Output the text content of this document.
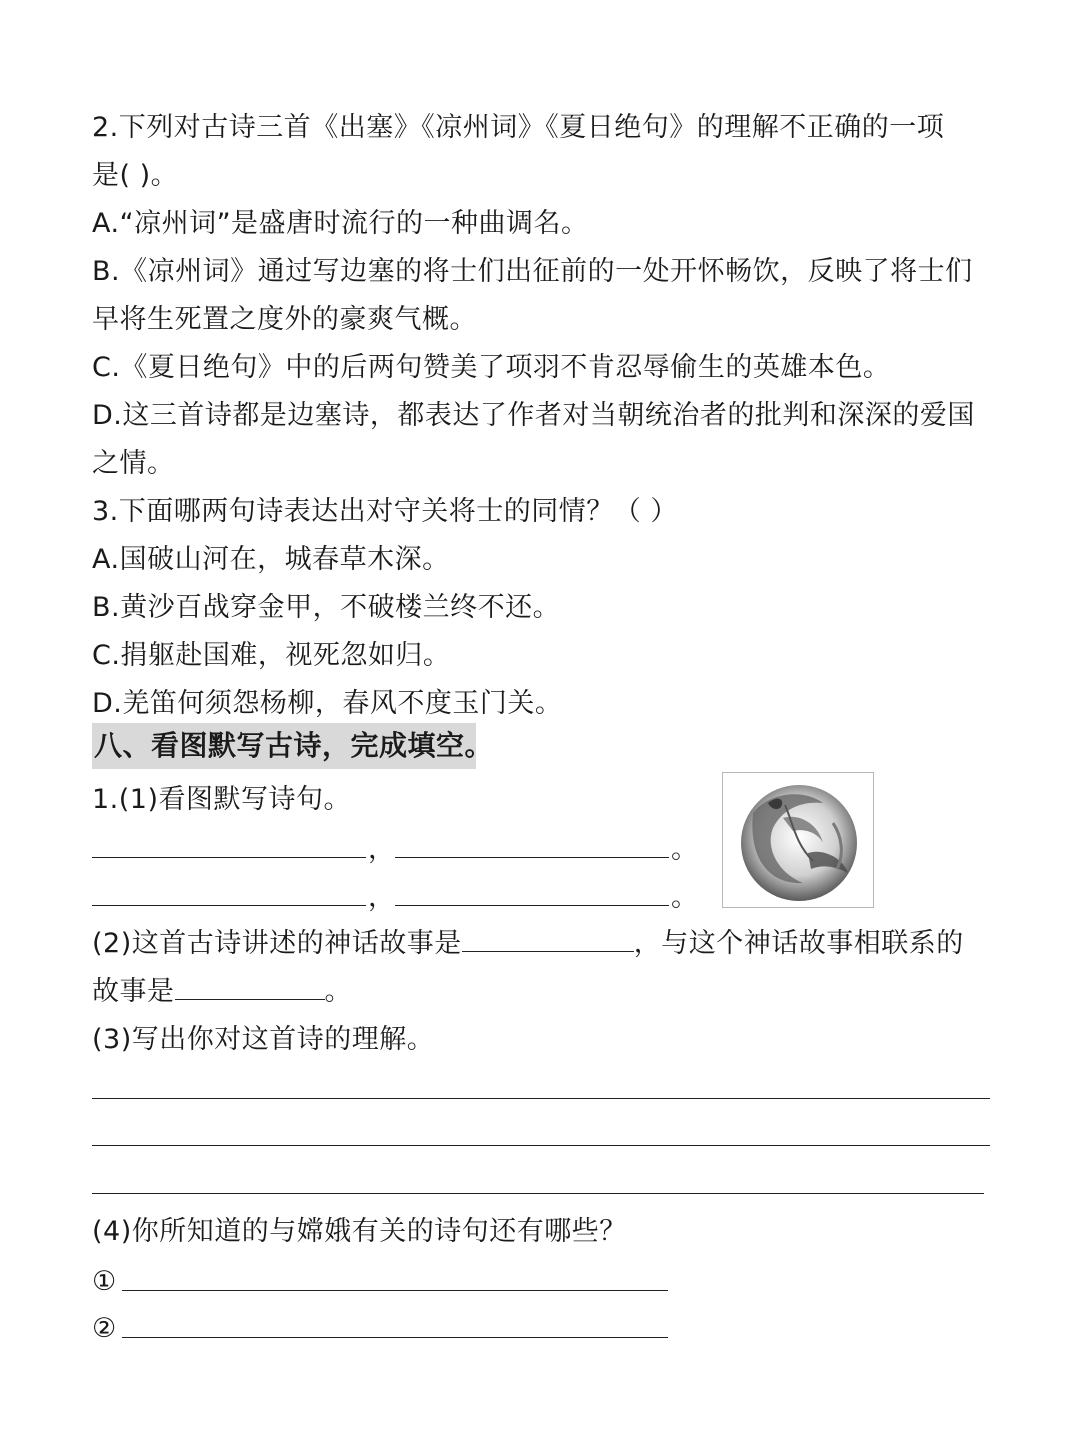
2.下列对古诗三首《出塞》《凉州词》《夏日绝句》的理解不正确的一项
是( )。
A.“凉州词”是盛唐时流行的一种曲调名。
B.《凉州词》通过写边塞的将士们出征前的一处开怀畅饮，反映了将士们
早将生死置之度外的豪爽气概。
C.《夏日绝句》中的后两句赞美了项羽不肯忍辱偷生的英雄本色。
D.这三首诗都是边塞诗，都表达了作者对当朝统治者的批判和深深的爱国
之情。
3.下面哪两句诗表达出对守关将士的同情？（ ）
A.国破山河在，城春草木深。
B.黄沙百战穿金甲，不破楼兰终不还。
C.捐躯赴国难，视死忽如归。
D.羌笛何须怨杨柳，春风不度玉门关。
八、看图默写古诗，完成填空。
1.(1)看图默写诗句。
，	。
，	。
(2)这首古诗讲述的神话故事是	，与这个神话故事相联系的
故事是	。
(3)写出你对这首诗的理解。
(4)你所知道的与嫦娥有关的诗句还有哪些？
①
②
